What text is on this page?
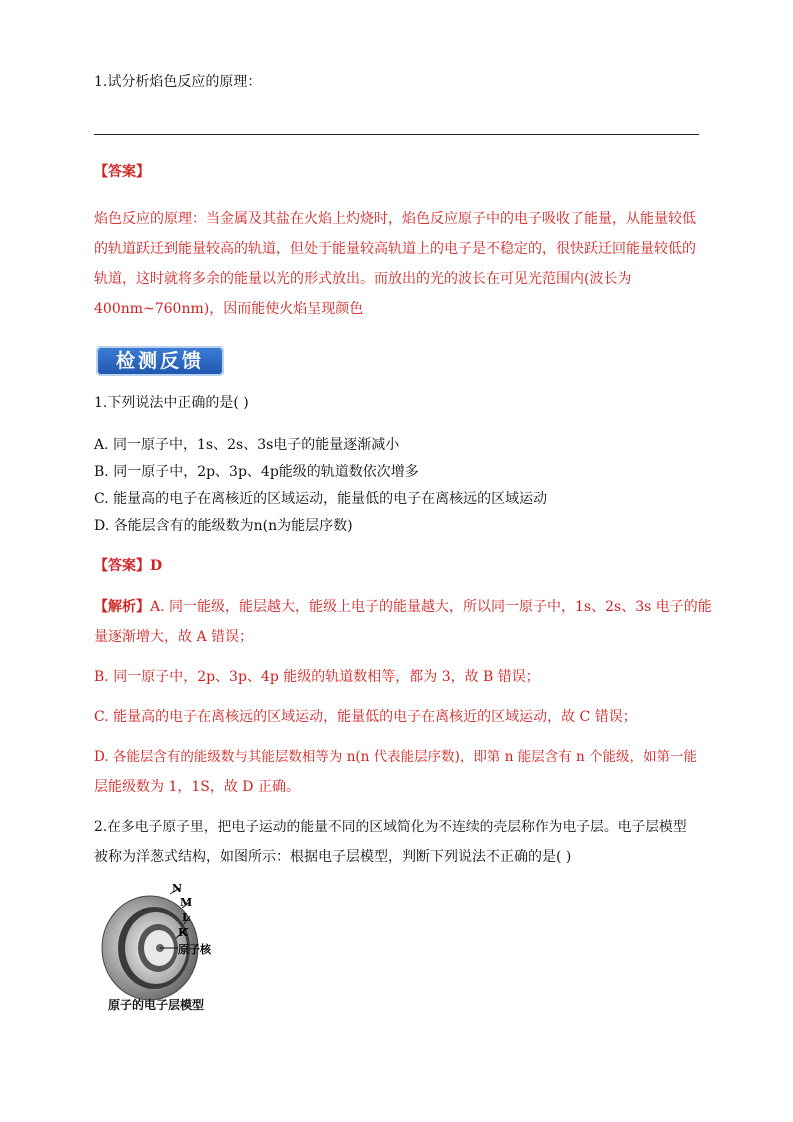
1.试分析焰色反应的原理：
【答案】
焰色反应的原理：当金属及其盐在火焰上灼烧时，焰色反应原子中的电子吸收了能量，从能量较低
的轨道跃迁到能量较高的轨道，但处于能量较高轨道上的电子是不稳定的，很快跃迁回能量较低的
轨道，这时就将多余的能量以光的形式放出。而放出的光的波长在可见光范围内(波长为
400nm~760nm)，因而能使火焰呈现颜色
检测反馈
1.下列说法中正确的是( )
A. 同一原子中，1s、2s、3s电子的能量逐渐减小
B. 同一原子中，2p、3p、4p能级的轨道数依次增多
C. 能量高的电子在离核近的区域运动，能量低的电子在离核远的区域运动
D. 各能层含有的能级数为n(n为能层序数)
【答案】D
【解析】A. 同一能级，能层越大，能级上电子的能量越大，所以同一原子中，1s、2s、3s 电子的能
量逐渐增大，故 A 错误；
B. 同一原子中，2p、3p、4p 能级的轨道数相等，都为 3，故 B 错误；
C. 能量高的电子在离核远的区域运动，能量低的电子在离核近的区域运动，故 C 错误；
D. 各能层含有的能级数与其能层数相等为 n(n 代表能层序数)，即第 n 能层含有 n 个能级，如第一能
层能级数为 1，1S，故 D 正确。
2.在多电子原子里，把电子运动的能量不同的区域简化为不连续的壳层称作为电子层。电子层模型
被称为洋葱式结构，如图所示：根据电子层模型，判断下列说法不正确的是( )
N
M
L
K
原子核
原子的电子层模型
